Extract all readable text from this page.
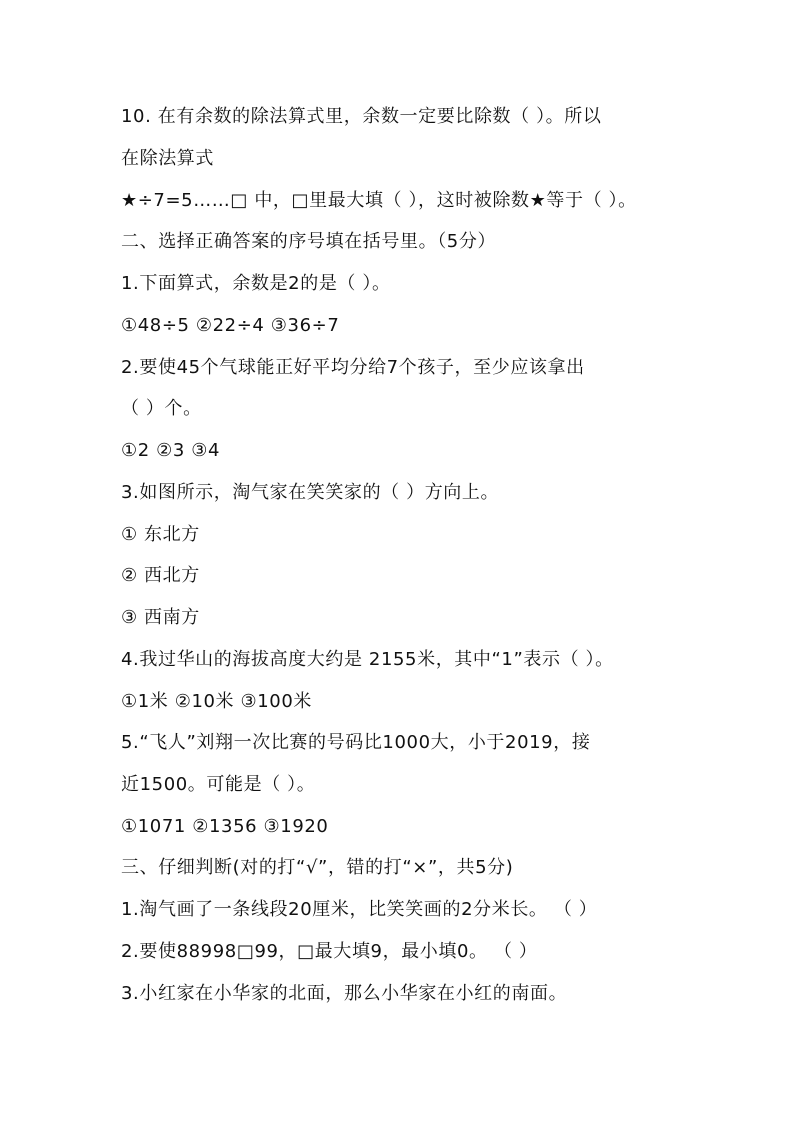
10. 在有余数的除法算式里，余数一定要比除数（ ）。所以
在除法算式
★÷7=5……□ 中，□里最大填（ ），这时被除数★等于（ ）。
二、选择正确答案的序号填在括号里。（5分）
1.下面算式，余数是2的是（ ）。
①48÷5 ②22÷4 ③36÷7
2.要使45个气球能正好平均分给7个孩子，至少应该拿出
（ ）个。
①2 ②3 ③4
3.如图所示，淘气家在笑笑家的（ ）方向上。
① 东北方
② 西北方
③ 西南方
4.我过华山的海拔高度大约是 2155米，其中“1”表示（ ）。
①1米 ②10米 ③100米
5.“飞人”刘翔一次比赛的号码比1000大，小于2019，接
近1500。可能是（ ）。
①1071 ②1356 ③1920
三、仔细判断(对的打“√”，错的打“×”，共5分)
1.淘气画了一条线段20厘米，比笑笑画的2分米长。 （ ）
2.要使88998□99，□最大填9，最小填0。 （ ）
3.小红家在小华家的北面，那么小华家在小红的南面。
